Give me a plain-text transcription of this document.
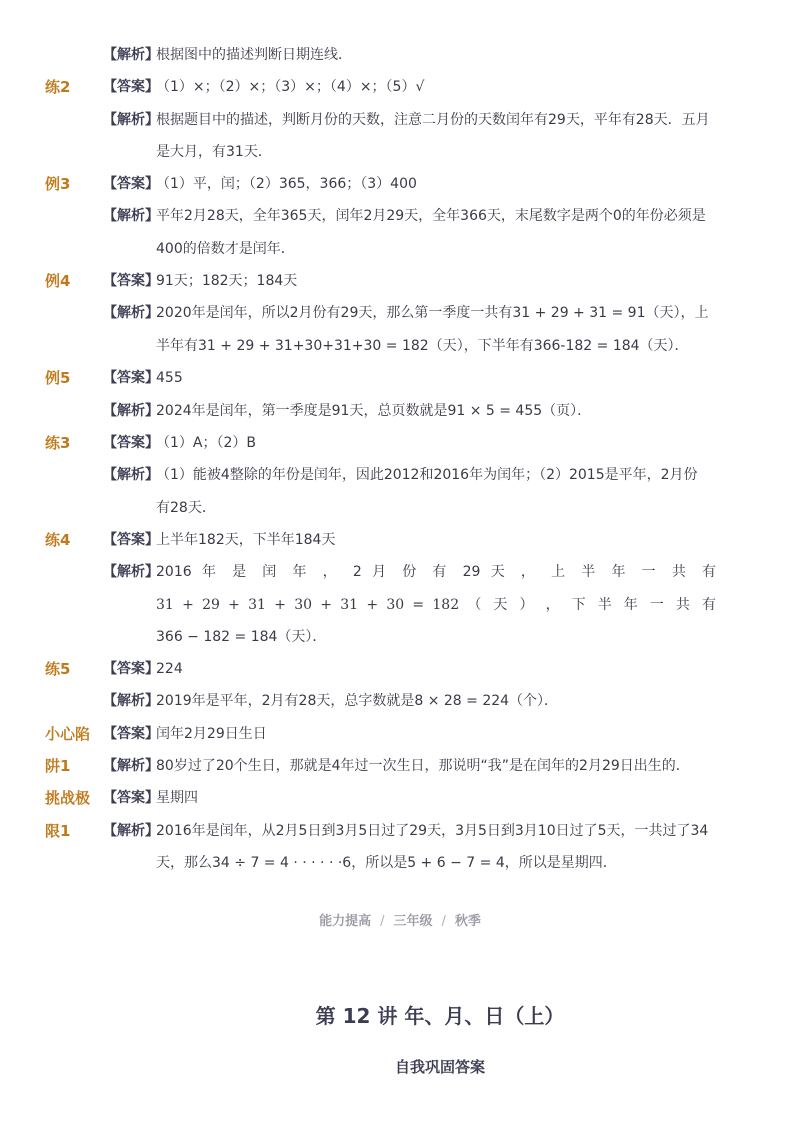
【解析】
根据图中的描述判断日期连线．
练2 【答案】
（1）×；（2）×；（3）×；（4）×；（5）√
【解析】
根据题目中的描述，判断月份的天数，注意二月份的天数闰年有29天，平年有28天．五月
是大月，有31天．
例3 【答案】
（1）平，闰；（2）365，366；（3）400
【解析】
平年2月28天，全年365天，闰年2月29天，全年366天，末尾数字是两个0的年份必须是
400的倍数才是闰年．
例4 【答案】
91天；182天；184天
【解析】
2020年是闰年，所以2月份有29天，那么第一季度一共有31 + 29 + 31 = 91（天），上
半年有31 + 29 + 31+30+31+30 = 182（天），下半年有366-182 = 184（天）．
例5 【答案】
455
【解析】
2024年是闰年，第一季度是91天，总页数就是91 × 5 = 455（页）．
练3 【答案】
（1）A；（2）B
【解析】
（1）能被4整除的年份是闰年，因此2012和2016年为闰年；（2）2015是平年，2月份
有28天．
练4 【答案】
上半年182天，下半年184天
【解析】
2016 年 是 闰 年 ， 2 月 份 有 29 天 ， 上 半 年 一 共 有
31 + 29 + 31 + 30 + 31 + 30 = 182 （ 天 ） ， 下 半 年 一 共 有
366 − 182 = 184（天）．
练5 【答案】
224
【解析】
2019年是平年，2月有28天，总字数就是8 × 28 = 224（个）．
小心陷 【答案】
闰年2月29日生日
阱1 【解析】
80岁过了20个生日，那就是4年过一次生日，那说明“我”是在闰年的2月29日出生的．
挑战极 【答案】
星期四
限1 【解析】
2016年是闰年，从2月5日到3月5日过了29天，3月5日到3月10日过了5天，一共过了34
天，那么34 ÷ 7 = 4 · · · · · ·6，所以是5 + 6 − 7 = 4，所以是星期四．
能力提高 / 三年级 / 秋季
第 12 讲 年、月、日（上）
自我巩固答案
